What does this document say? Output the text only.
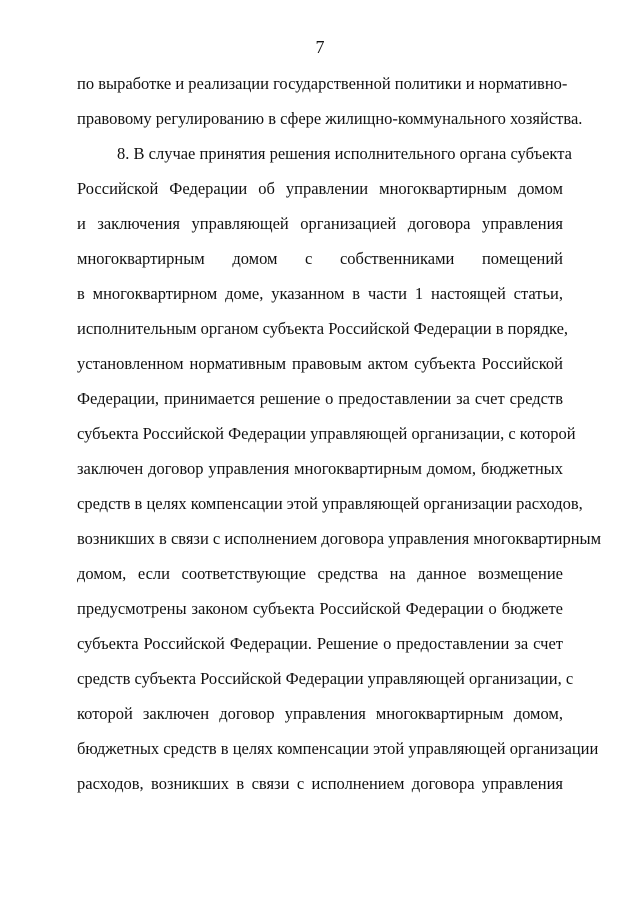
7
по выработке и реализации государственной политики и нормативно-
правовому регулированию в сфере жилищно-коммунального хозяйства.
8. В случае принятия решения исполнительного органа субъекта
Российской Федерации об управлении многоквартирным домом
и заключения управляющей организацией договора управления
многоквартирным домом с собственниками помещений
в многоквартирном доме, указанном в части 1 настоящей статьи,
исполнительным органом субъекта Российской Федерации в порядке,
установленном нормативным правовым актом субъекта Российской
Федерации, принимается решение о предоставлении за счет средств
субъекта Российской Федерации управляющей организации, с которой
заключен договор управления многоквартирным домом, бюджетных
средств в целях компенсации этой управляющей организации расходов,
возникших в связи с исполнением договора управления многоквартирным
домом, если соответствующие средства на данное возмещение
предусмотрены законом субъекта Российской Федерации о бюджете
субъекта Российской Федерации. Решение о предоставлении за счет
средств субъекта Российской Федерации управляющей организации, с
которой заключен договор управления многоквартирным домом,
бюджетных средств в целях компенсации этой управляющей организации
расходов, возникших в связи с исполнением договора управления
